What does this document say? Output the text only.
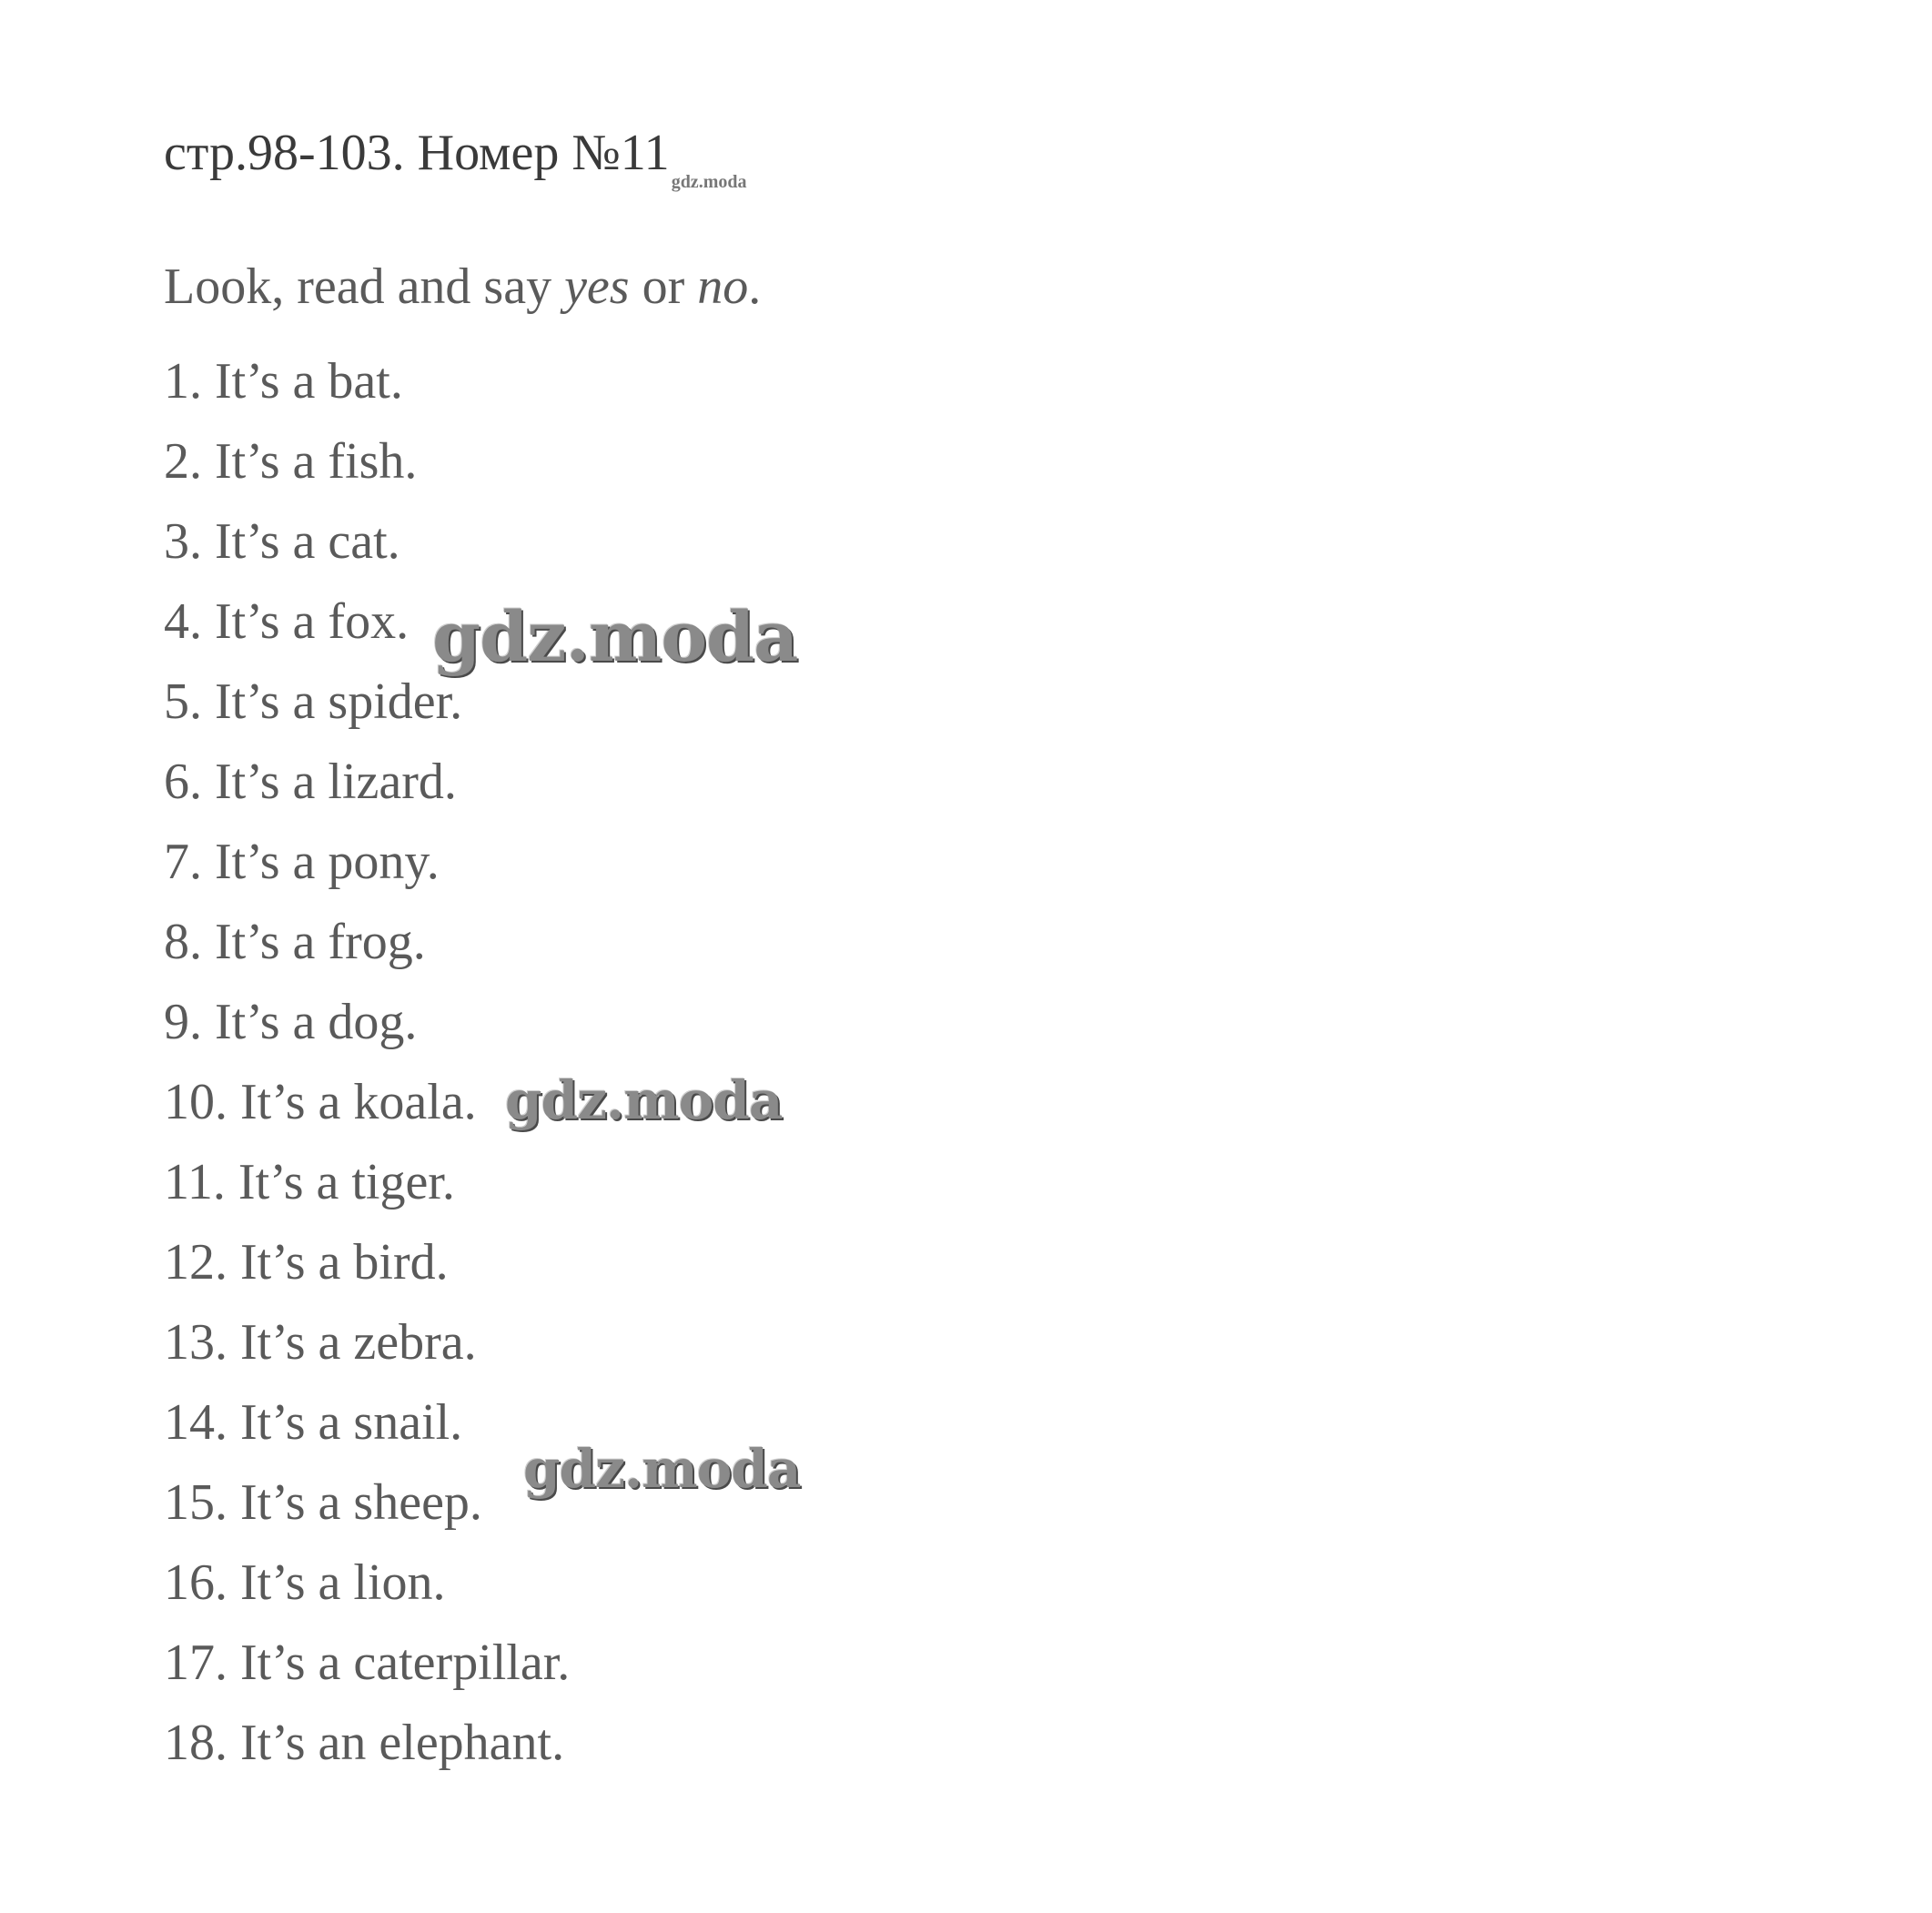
стр.98-103. Номер $№11_{gdz.moda}$
Look, read and say yes or no.
1. It’s a bat.
2. It’s a fish.
3. It’s a cat.
4. It’s a fox.
5. It’s a spider.
6. It’s a lizard.
7. It’s a pony.
8. It’s a frog.
9. It’s a dog.
10. It’s a koala.
11. It’s a tiger.
12. It’s a bird.
13. It’s a zebra.
14. It’s a snail.
15. It’s a sheep.
16. It’s a lion.
17. It’s a caterpillar.
18. It’s an elephant.
gdz.moda
gdz.moda
gdz.moda
